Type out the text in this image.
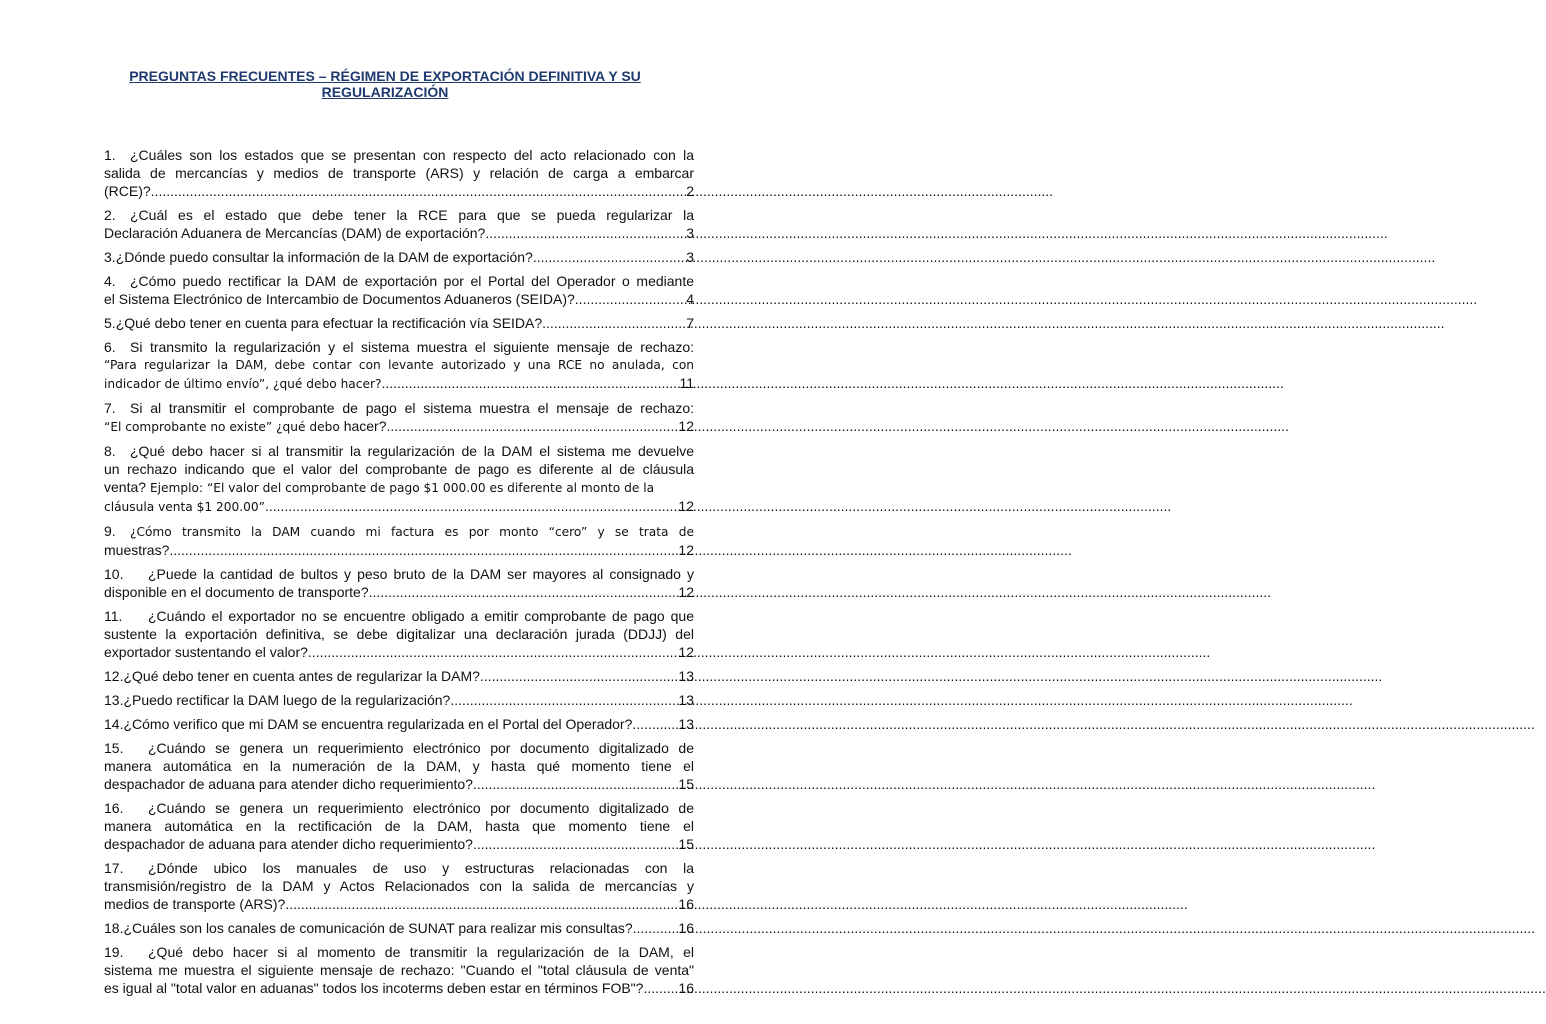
PREGUNTAS FRECUENTES – RÉGIMEN DE EXPORTACIÓN DEFINITIVA Y SU
REGULARIZACIÓN
1. ¿Cuáles son los estados que se presentan con respecto del acto relacionado con la
salida de mercancías y medios de transporte (ARS) y relación de carga a embarcar
(RCE)? .....	2
2. ¿Cuál es el estado que debe tener la RCE para que se pueda regularizar la
Declaración Aduanera de Mercancías (DAM) de exportación? .....	3
3. ¿Dónde puedo consultar la información de la DAM de exportación? .....	3
4. ¿Cómo puedo rectificar la DAM de exportación por el Portal del Operador o mediante
el Sistema Electrónico de Intercambio de Documentos Aduaneros (SEIDA)? .....	4
5. ¿Qué debo tener en cuenta para efectuar la rectificación vía SEIDA? .....	7
6. Si transmito la regularización y el sistema muestra el siguiente mensaje de rechazo:
“Para regularizar la DAM, debe contar con levante autorizado y una RCE no anulada, con
indicador de último envío”, ¿qué debo hacer? .....	11
7. Si al transmitir el comprobante de pago el sistema muestra el mensaje de rechazo:
“El comprobante no existe” ¿qué debo hacer? .....	12
8. ¿Qué debo hacer si al transmitir la regularización de la DAM el sistema me devuelve
un rechazo indicando que el valor del comprobante de pago es diferente al de cláusula
venta? Ejemplo: “El valor del comprobante de pago $1 000.00 es diferente al monto de la
cláusula venta $1 200.00”. .....	12
9. ¿Cómo transmito la DAM cuando mi factura es por monto “cero” y se trata de
muestras? .....	12
10. ¿Puede la cantidad de bultos y peso bruto de la DAM ser mayores al consignado y
disponible en el documento de transporte? .....	12
11. ¿Cuándo el exportador no se encuentre obligado a emitir comprobante de pago que
sustente la exportación definitiva, se debe digitalizar una declaración jurada (DDJJ) del
exportador sustentando el valor? .....	12
12. ¿Qué debo tener en cuenta antes de regularizar la DAM? .....	13
13. ¿Puedo rectificar la DAM luego de la regularización? .....	13
14. ¿Cómo verifico que mi DAM se encuentra regularizada en el Portal del Operador? .....	13
15. ¿Cuándo se genera un requerimiento electrónico por documento digitalizado de
manera automática en la numeración de la DAM, y hasta qué momento tiene el
despachador de aduana para atender dicho requerimiento? .....	15
16. ¿Cuándo se genera un requerimiento electrónico por documento digitalizado de
manera automática en la rectificación de la DAM, hasta que momento tiene el
despachador de aduana para atender dicho requerimiento? .....	15
17. ¿Dónde ubico los manuales de uso y estructuras relacionadas con la
transmisión/registro de la DAM y Actos Relacionados con la salida de mercancías y
medios de transporte (ARS)? .....	16
18. ¿Cuáles son los canales de comunicación de SUNAT para realizar mis consultas? .....	16
19. ¿Qué debo hacer si al momento de transmitir la regularización de la DAM, el
sistema me muestra el siguiente mensaje de rechazo: "Cuando el "total cláusula de venta"
es igual al "total valor en aduanas" todos los incoterms deben estar en términos FOB"? ..... 16
